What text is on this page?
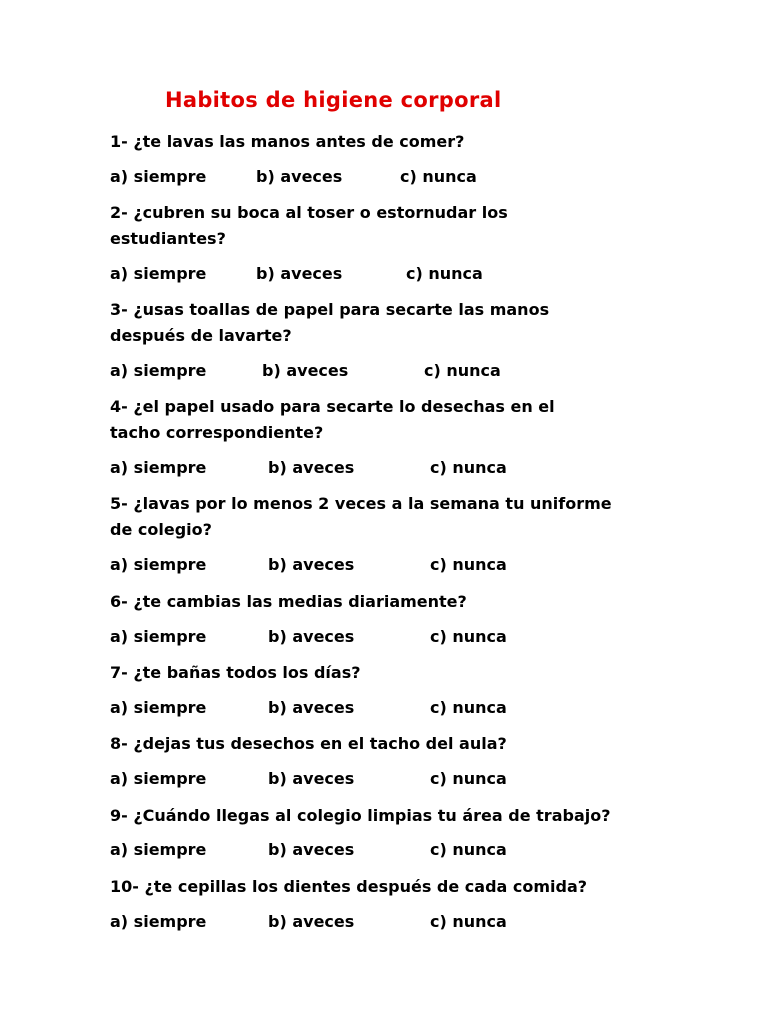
Habitos de higiene corporal
1- ¿te lavas las manos antes de comer?
a) siempre	b) aveces	c) nunca
2- ¿cubren su boca al toser o estornudar los
estudiantes?
a) siempre	b) aveces	c) nunca
3- ¿usas toallas de papel para secarte las manos
después de lavarte?
a) siempre	b) aveces	c) nunca
4- ¿el papel usado para secarte lo desechas en el
tacho correspondiente?
a) siempre	b) aveces	c) nunca
5- ¿lavas por lo menos 2 veces a la semana tu uniforme
de colegio?
a) siempre	b) aveces	c) nunca
6- ¿te cambias las medias diariamente?
a) siempre	b) aveces	c) nunca
7- ¿te bañas todos los días?
a) siempre	b) aveces	c) nunca
8- ¿dejas tus desechos en el tacho del aula?
a) siempre	b) aveces	c) nunca
9- ¿Cuándo llegas al colegio limpias tu área de trabajo?
a) siempre	b) aveces	c) nunca
10- ¿te cepillas los dientes después de cada comida?
a) siempre	b) aveces	c) nunca
